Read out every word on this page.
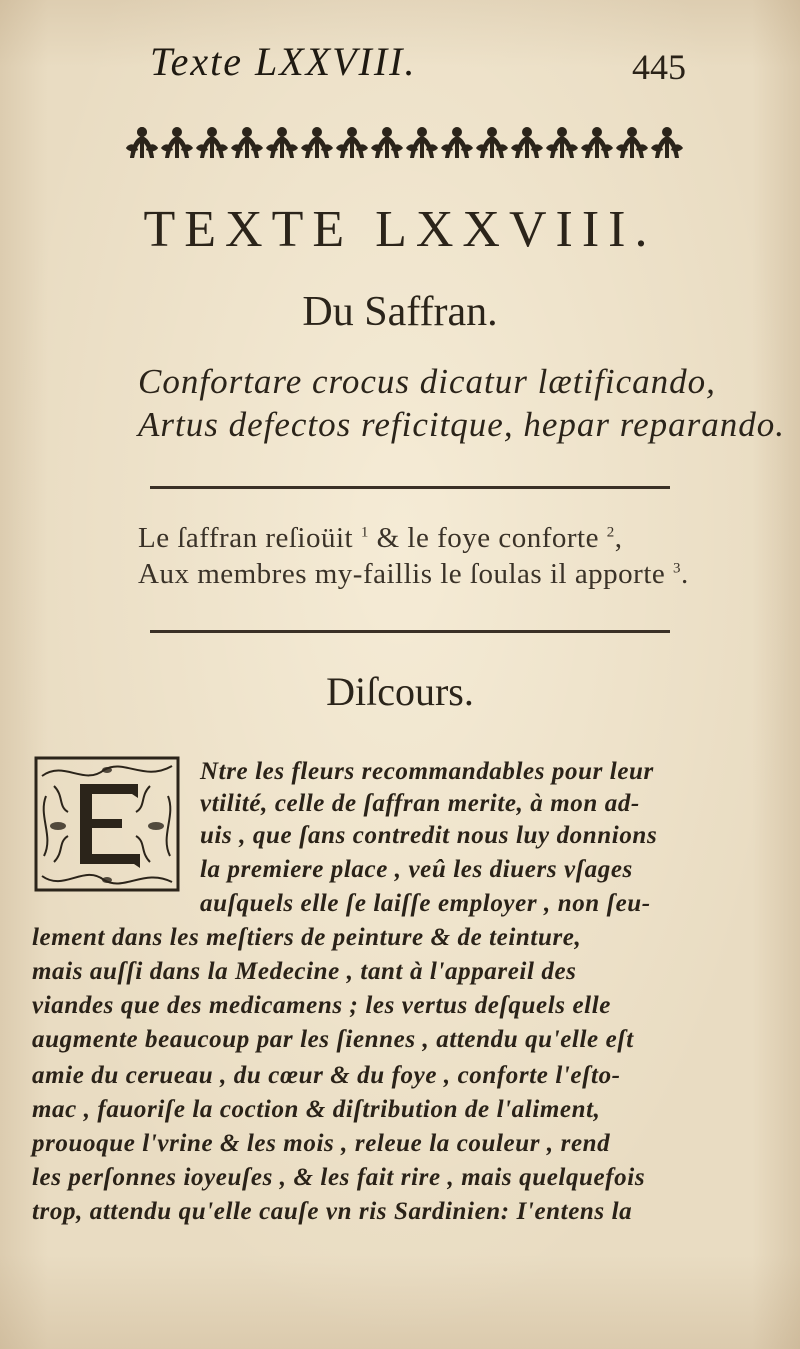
Texte LXXVIII.	445
TEXTE LXXVIII.
Du Saffran.
Confortare crocus dicatur lætificando,
Artus defectos reficitque, hepar reparando.
Le ſaffran reſioüit $^1$ & le foye conforte $^2$,
Aux membres my-faillis le ſoulas il apporte $^3$.
Diſcours.
Ntre les fleurs recommandables pour leur
vtilité, celle de ſaffran merite, à mon ad-
uis , que ſans contredit nous luy donnions
la premiere place , veû les diuers vſages
auſquels elle ſe laiſſe employer , non ſeu-
lement dans les meſtiers de peinture & de teinture,
mais auſſi dans la Medecine , tant à l'appareil des
viandes que des medicamens ; les vertus deſquels elle
augmente beaucoup par les ſiennes , attendu qu'elle eſt
amie du cerueau , du cœur & du foye , conforte l'eſto-
mac , fauoriſe la coction & diſtribution de l'aliment,
prouoque l'vrine & les mois , releue la couleur , rend
les perſonnes ioyeuſes , & les fait rire , mais quelquefois
trop, attendu qu'elle cauſe vn ris Sardinien: I'entens la
